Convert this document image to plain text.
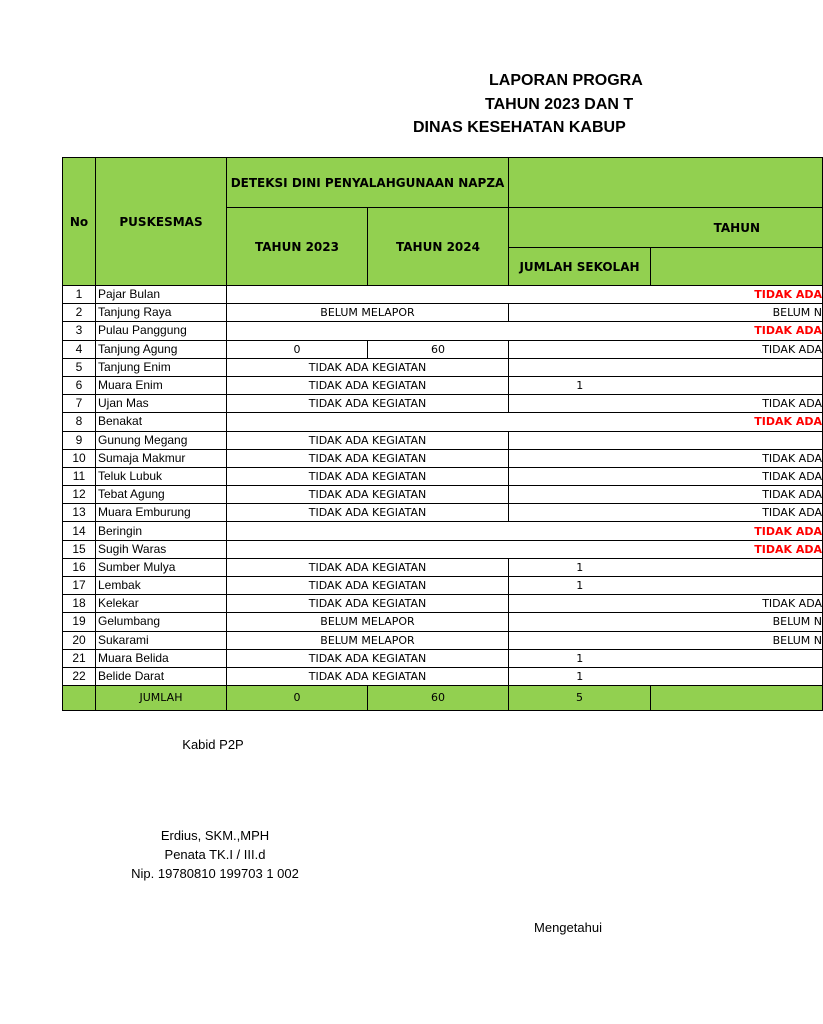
LAPORAN PROGRA
TAHUN 2023 DAN T
DINAS KESEHATAN KABUP
No	PUSKESMAS	DETEKSI DINI PENYALAHGUNAAN NAPZA			
		TAHUN 2023	TAHUN 2024	TAHUN	
				JUMLAH SEKOLAH	
1	Pajar Bulan	TIDAK ADA			
2	Tanjung Raya	BELUM MELAPOR		BELUM N	
3	Pulau Panggung	TIDAK ADA			
4	Tanjung Agung	0	60	TIDAK ADA	
5	Tanjung Enim	TIDAK ADA KEGIATAN			
6	Muara Enim	TIDAK ADA KEGIATAN		1	
7	Ujan Mas	TIDAK ADA KEGIATAN		TIDAK ADA	
8	Benakat	TIDAK ADA			
9	Gunung Megang	TIDAK ADA KEGIATAN			
10	Sumaja Makmur	TIDAK ADA KEGIATAN		TIDAK ADA	
11	Teluk Lubuk	TIDAK ADA KEGIATAN		TIDAK ADA	
12	Tebat Agung	TIDAK ADA KEGIATAN		TIDAK ADA	
13	Muara Emburung	TIDAK ADA KEGIATAN		TIDAK ADA	
14	Beringin	TIDAK ADA			
15	Sugih Waras	TIDAK ADA			
16	Sumber Mulya	TIDAK ADA KEGIATAN		1	
17	Lembak	TIDAK ADA KEGIATAN		1	
18	Kelekar	TIDAK ADA KEGIATAN		TIDAK ADA	
19	Gelumbang	BELUM MELAPOR		BELUM N	
20	Sukarami	BELUM MELAPOR		BELUM N	
21	Muara Belida	TIDAK ADA KEGIATAN		1	
22	Belide Darat	TIDAK ADA KEGIATAN		1	
	JUMLAH	0	60	5	
Kabid P2P
Erdius, SKM.,MPH
Penata TK.I / III.d
Nip. 19780810 199703 1 002
Mengetahui
